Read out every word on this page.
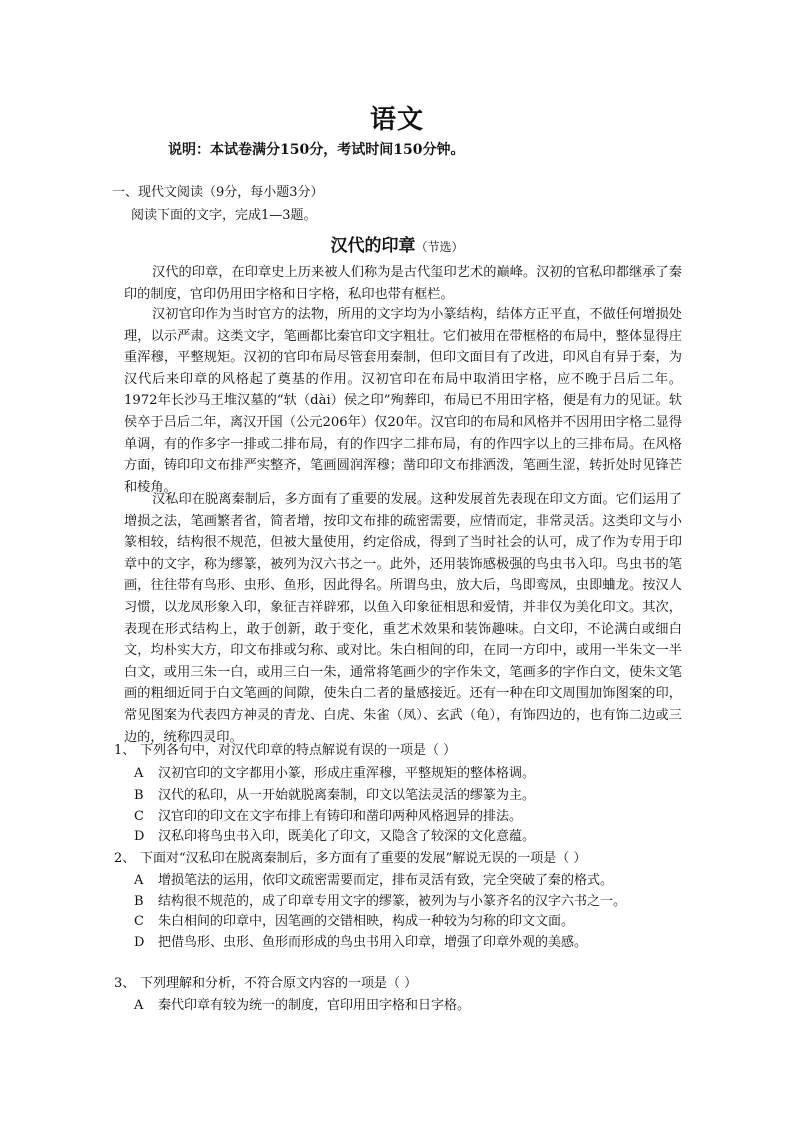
语文
说明：本试卷满分150分，考试时间150分钟。
一、现代文阅读（9分，每小题3分）
阅读下面的文字，完成1—3题。
汉代的印章（节选）
汉代的印章，在印章史上历来被人们称为是古代玺印艺术的巅峰。汉初的官私印都继承了秦印的制度，官印仍用田字格和日字格，私印也带有框栏。
汉初官印作为当时官方的法物，所用的文字均为小篆结构，结体方正平直，不做任何增损处理，以示严肃。这类文字，笔画都比秦官印文字粗壮。它们被用在带框格的布局中，整体显得庄重浑穆，平整规矩。汉初的官印布局尽管套用秦制，但印文面目有了改进，印风自有异于秦，为汉代后来印章的风格起了奠基的作用。汉初官印在布局中取消田字格，应不晚于吕后二年。1972年长沙马王堆汉墓的“轪（dài）侯之印”殉葬印，布局已不用田字格，便是有力的见证。轪侯卒于吕后二年，离汉开国（公元206年）仅20年。汉官印的布局和风格并不因用田字格二显得单调，有的作多字一排或二排布局，有的作四字二排布局，有的作四字以上的三排布局。在风格方面，铸印印文布排严实整齐，笔画圆润浑穆；凿印印文布排洒泼，笔画生涩，转折处时见锋芒和棱角。
汉私印在脱离秦制后，多方面有了重要的发展。这种发展首先表现在印文方面。它们运用了增损之法，笔画繁者省，简者增，按印文布排的疏密需要，应情而定，非常灵活。这类印文与小篆相较，结构很不规范，但被大量使用，约定俗成，得到了当时社会的认可，成了作为专用于印章中的文字，称为缪篆，被列为汉六书之一。此外，还用装饰感极强的鸟虫书入印。鸟虫书的笔画，往往带有鸟形、虫形、鱼形，因此得名。所谓鸟虫，放大后，鸟即鸾凤，虫即蛐龙。按汉人习惯，以龙凤形象入印，象征吉祥辟邪，以鱼入印象征相思和爱情，并非仅为美化印文。其次，表现在形式结构上，敢于创新，敢于变化，重艺术效果和装饰趣味。白文印，不论满白或细白文，均朴实大方，印文布排或匀称、或对比。朱白相间的印，在同一方印中，或用一半朱文一半白文，或用三朱一白，或用三白一朱，通常将笔画少的字作朱文，笔画多的字作白文，使朱文笔画的粗细近同于白文笔画的间隙，使朱白二者的量感接近。还有一种在印文周围加饰图案的印，常见图案为代表四方神灵的青龙、白虎、朱雀（凤）、玄武（龟），有饰四边的，也有饰二边或三边的，统称四灵印。
1、 下列各句中，对汉代印章的特点解说有误的一项是（ ）
A 汉初官印的文字都用小篆，形成庄重浑穆，平整规矩的整体格调。
B 汉代的私印，从一开始就脱离秦制，印文以笔法灵活的缪篆为主。
C 汉官印的印文在文字布排上有铸印和凿印两种风格迥异的排法。
D 汉私印将鸟虫书入印，既美化了印文，又隐含了较深的文化意蕴。
2、 下面对“汉私印在脱离秦制后，多方面有了重要的发展”解说无误的一项是（ ）
A 增损笔法的运用，依印文疏密需要而定，排布灵活有致，完全突破了秦的格式。
B 结构很不规范的，成了印章专用文字的缪篆，被列为与小篆齐名的汉字六书之一。
C 朱白相间的印章中，因笔画的交错相映，构成一种较为匀称的印文文面。
D 把借鸟形、虫形、鱼形而形成的鸟虫书用入印章，增强了印章外观的美感。
3、 下列理解和分析，不符合原文内容的一项是（ ）
A 秦代印章有较为统一的制度，官印用田字格和日字格。
